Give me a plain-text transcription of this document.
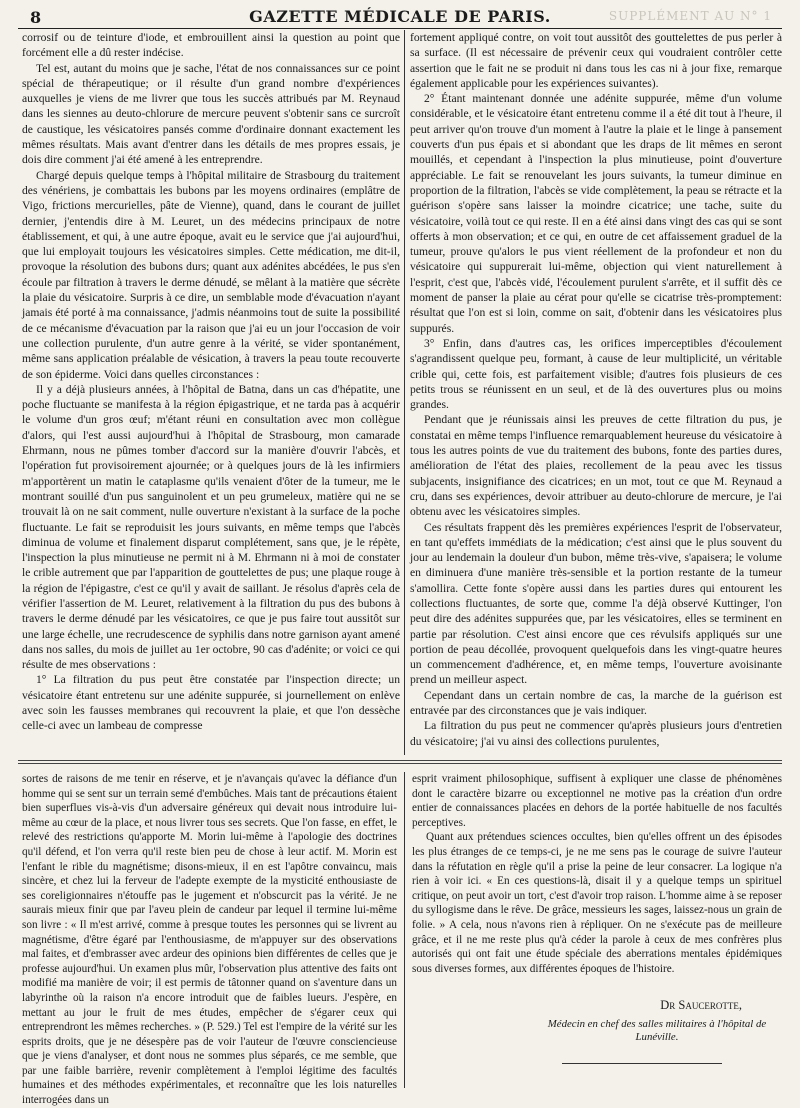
8	GAZETTE MÉDICALE DE PARIS.	SUPPLÉMENT AU N° 1

corrosif ou de teinture d'iode, et embrouillent ainsi la question au point que forcément elle a dû rester indécise.

Tel est, autant du moins que je sache, l'état de nos connaissances sur ce point spécial de thérapeutique; or il résulte d'un grand nombre d'expériences auxquelles je viens de me livrer que tous les succès attribués par M. Reynaud dans les siennes au deuto-chlorure de mercure peuvent s'obtenir sans ce surcroît de caustique, les vésicatoires pansés comme d'ordinaire donnant exactement les mêmes résultats. Mais avant d'entrer dans les détails de mes propres essais, je dois dire comment j'ai été amené à les entreprendre.

Chargé depuis quelque temps à l'hôpital militaire de Strasbourg du traitement des vénériens, je combattais les bubons par les moyens ordinaires (emplâtre de Vigo, frictions mercurielles, pâte de Vienne), quand, dans le courant de juillet dernier, j'entendis dire à M. Leuret, un des médecins principaux de notre établissement, et qui, à une autre époque, avait eu le service que j'ai aujourd'hui, que lui employait toujours les vésicatoires simples. Cette médication, me dit-il, provoque la résolution des bubons durs; quant aux adénites abcédées, le pus s'en écoule par filtration à travers le derme dénudé, se mêlant à la matière que sécrète la plaie du vésicatoire. Surpris à ce dire, un semblable mode d'évacuation n'ayant jamais été porté à ma connaissance, j'admis néanmoins tout de suite la possibilité de ce mécanisme d'évacuation par la raison que j'ai eu un jour l'occasion de voir une collection purulente, d'un autre genre à la vérité, se vider spontanément, même sans application préalable de vésication, à travers la peau toute recouverte de son épiderme. Voici dans quelles circonstances :

Il y a déjà plusieurs années, à l'hôpital de Batna, dans un cas d'hépatite, une poche fluctuante se manifesta à la région épigastrique, et ne tarda pas à acquérir le volume d'un gros œuf; m'étant réuni en consultation avec mon collègue d'alors, qui l'est aussi aujourd'hui à l'hôpital de Strasbourg, mon camarade Ehrmann, nous ne pûmes tomber d'accord sur la manière d'ouvrir l'abcès, et l'opération fut provisoirement ajournée; or à quelques jours de là les infirmiers m'apportèrent un matin le cataplasme qu'ils venaient d'ôter de la tumeur, me le montrant souillé d'un pus sanguinolent et un peu grumeleux, matière qui ne se trouvait là on ne sait comment, nulle ouverture n'existant à la surface de la poche fluctuante. Le fait se reproduisit les jours suivants, en même temps que l'abcès diminua de volume et finalement disparut complétement, sans que, je le répète, l'inspection la plus minutieuse ne permit ni à M. Ehrmann ni à moi de constater le crible autrement que par l'apparition de gouttelettes de pus; une plaque rouge à la région de l'épigastre, c'est ce qu'il y avait de saillant. Je résolus d'après cela de vérifier l'assertion de M. Leuret, relativement à la filtration du pus des bubons à travers le derme dénudé par les vésicatoires, ce que je pus faire tout aussitôt sur une large échelle, une recrudescence de syphilis dans notre garnison ayant amené dans nos salles, du mois de juillet au 1er octobre, 90 cas d'adénite; or voici ce qui résulte de mes observations :

1° La filtration du pus peut être constatée par l'inspection directe; un vésicatoire étant entretenu sur une adénite suppurée, si journellement on enlève avec soin les fausses membranes qui recouvrent la plaie, et que l'on dessèche celle-ci avec un lambeau de compresse

fortement appliqué contre, on voit tout aussitôt des gouttelettes de pus perler à sa surface. (Il est nécessaire de prévenir ceux qui voudraient contrôler cette assertion que le fait ne se produit ni dans tous les cas ni à jour fixe, remarque également applicable pour les expériences suivantes).

2° Étant maintenant donnée une adénite suppurée, même d'un volume considérable, et le vésicatoire étant entretenu comme il a été dit tout à l'heure, il peut arriver qu'on trouve d'un moment à l'autre la plaie et le linge à pansement couverts d'un pus épais et si abondant que les draps de lit mêmes en seront mouillés, et cependant à l'inspection la plus minutieuse, point d'ouverture appréciable. Le fait se renouvelant les jours suivants, la tumeur diminue en proportion de la filtration, l'abcès se vide complètement, la peau se rétracte et la guérison s'opère sans laisser la moindre cicatrice; une tache, suite du vésicatoire, voilà tout ce qui reste. Il en a été ainsi dans vingt des cas qui se sont offerts à mon observation; et ce qui, en outre de cet affaissement graduel de la tumeur, prouve qu'alors le pus vient réellement de la profondeur et non du vésicatoire qui suppurerait lui-même, objection qui vient naturellement à l'esprit, c'est que, l'abcès vidé, l'écoulement purulent s'arrête, et il suffit dès ce moment de panser la plaie au cérat pour qu'elle se cicatrise très-promptement: résultat que l'on est si loin, comme on sait, d'obtenir dans les vésicatoires plus suppurés.

3° Enfin, dans d'autres cas, les orifices imperceptibles d'écoulement s'agrandissent quelque peu, formant, à cause de leur multiplicité, un véritable crible qui, cette fois, est parfaitement visible; d'autres fois plusieurs de ces petits trous se réunissent en un seul, et de là des ouvertures plus ou moins grandes.

Pendant que je réunissais ainsi les preuves de cette filtration du pus, je constatai en même temps l'influence remarquablement heureuse du vésicatoire à tous les autres points de vue du traitement des bubons, fonte des parties dures, amélioration de l'état des plaies, recollement de la peau avec les tissus subjacents, insignifiance des cicatrices; en un mot, tout ce que M. Reynaud a cru, dans ses expériences, devoir attribuer au deuto-chlorure de mercure, je l'ai obtenu avec les vésicatoires simples.

Ces résultats frappent dès les premières expériences l'esprit de l'observateur, en tant qu'effets immédiats de la médication; c'est ainsi que le plus souvent du jour au lendemain la douleur d'un bubon, même très-vive, s'apaisera; le volume en diminuera d'une manière très-sensible et la portion restante de la tumeur s'amollira. Cette fonte s'opère aussi dans les parties dures qui entourent les collections fluctuantes, de sorte que, comme l'a déjà observé Kuttinger, l'on peut dire des adénites suppurées que, par les vésicatoires, elles se terminent en partie par résolution. C'est ainsi encore que ces révulsifs appliqués sur une portion de peau décollée, provoquent quelquefois dans les vingt-quatre heures un commencement d'adhérence, et, en même temps, l'ouverture avoisinante prend un meilleur aspect.

Cependant dans un certain nombre de cas, la marche de la guérison est entravée par des circonstances que je vais indiquer.

La filtration du pus peut ne commencer qu'après plusieurs jours d'entretien du vésicatoire; j'ai vu ainsi des collections purulentes,

sortes de raisons de me tenir en réserve, et je n'avançais qu'avec la défiance d'un homme qui se sent sur un terrain semé d'embûches. Mais tant de précautions étaient bien superflues vis-à-vis d'un adversaire généreux qui devait nous introduire lui-même au cœur de la place, et nous livrer tous ses secrets. Que l'on fasse, en effet, le relevé des restrictions qu'apporte M. Morin lui-même à l'apologie des doctrines qu'il défend, et l'on verra qu'il reste bien peu de chose à leur actif. M. Morin est l'enfant le rible du magnétisme; disons-mieux, il en est l'apôtre convaincu, mais sincère, et chez lui la ferveur de l'adepte exempte de la mysticité enthousiaste de ses coreligionnaires n'étouffe pas le jugement et n'obscurcit pas la vérité. Je ne saurais mieux finir que par l'aveu plein de candeur par lequel il termine lui-même son livre : « Il m'est arrivé, comme à presque toutes les personnes qui se livrent au magnétisme, d'être égaré par l'enthousiasme, de m'appuyer sur des observations mal faites, et d'embrasser avec ardeur des opinions bien différentes de celles que je professe aujourd'hui. Un examen plus mûr, l'observation plus attentive des faits ont modifié ma manière de voir; il est permis de tâtonner quand on s'aventure dans un labyrinthe où la raison n'a encore introduit que de faibles lueurs. J'espère, en mettant au jour le fruit de mes études, empêcher de s'égarer ceux qui entreprendront les mêmes recherches. » (P. 529.) Tel est l'empire de la vérité sur les esprits droits, que je ne désespère pas de voir l'auteur de l'œuvre consciencieuse que je viens d'analyser, et dont nous ne sommes plus séparés, ce me semble, que par une faible barrière, revenir complètement à l'emploi légitime des facultés humaines et des méthodes expérimentales, et reconnaître que les lois naturelles interrogées dans un

esprit vraiment philosophique, suffisent à expliquer une classe de phénomènes dont le caractère bizarre ou exceptionnel ne motive pas la création d'un ordre entier de connaissances placées en dehors de la portée habituelle de nos facultés perceptives.

Quant aux prétendues sciences occultes, bien qu'elles offrent un des épisodes les plus étranges de ce temps-ci, je ne me sens pas le courage de suivre l'auteur dans la réfutation en règle qu'il a prise la peine de leur consacrer. La logique n'a rien à voir ici. « En ces questions-là, disait il y a quelque temps un spirituel critique, on peut avoir un tort, c'est d'avoir trop raison. L'homme aime à se reposer du syllogisme dans le rêve. De grâce, messieurs les sages, laissez-nous un grain de folie. » A cela, nous n'avons rien à répliquer. On ne s'exécute pas de meilleure grâce, et il ne me reste plus qu'à céder la parole à ceux de mes confrères plus autorisés qui ont fait une étude spéciale des aberrations mentales épidémiques sous diverses formes, aux différentes époques de l'histoire.

Dr Saucerotte,
Médecin en chef des salles militaires à l'hôpital de Lunéville.
